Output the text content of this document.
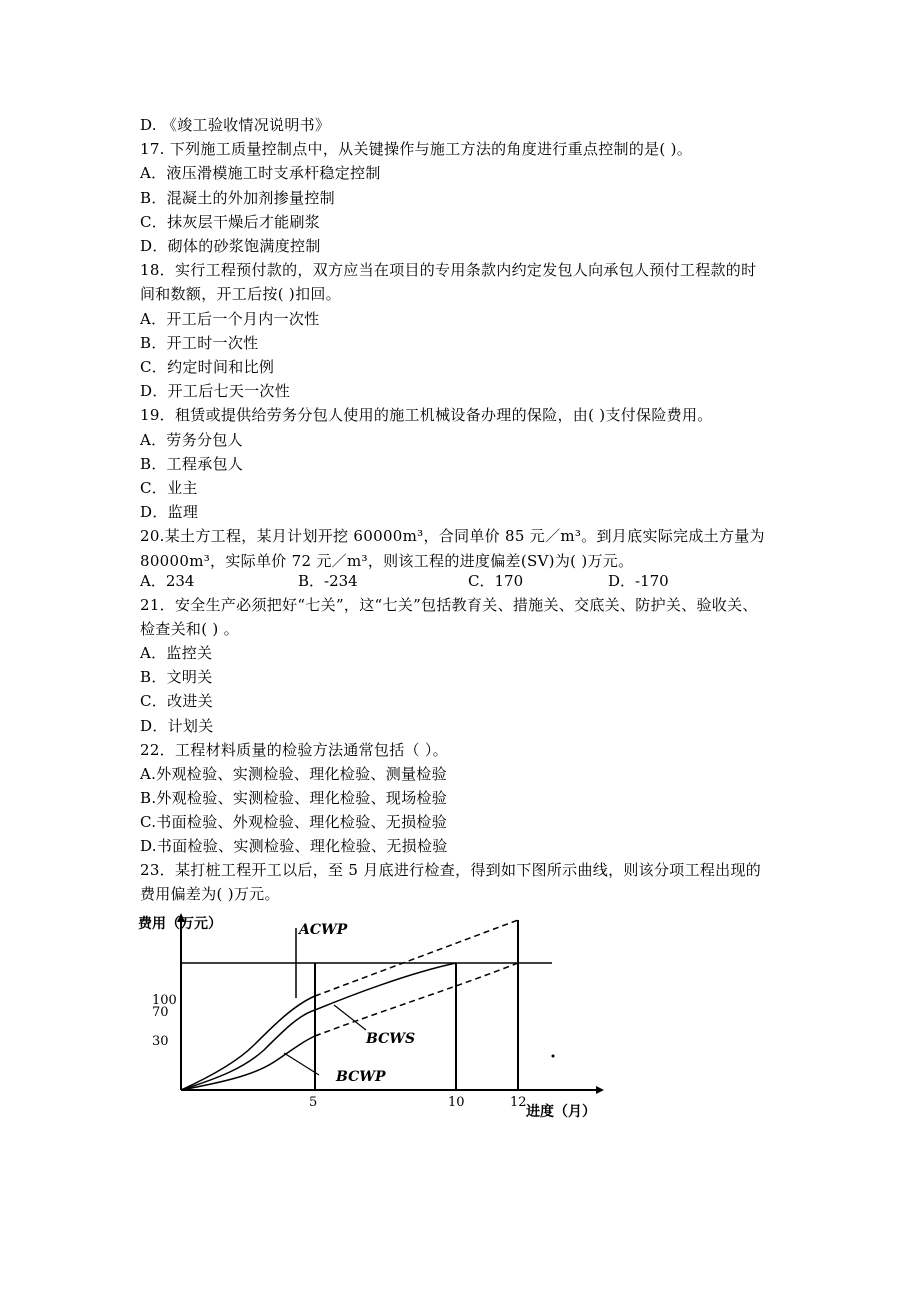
D. 《竣工验收情况说明书》
17. 下列施工质量控制点中，从关键操作与施工方法的角度进行重点控制的是( )。
A．液压滑模施工时支承杆稳定控制
B．混凝土的外加剂掺量控制
C．抹灰层干燥后才能刷浆
D．砌体的砂浆饱满度控制
18．实行工程预付款的，双方应当在项目的专用条款内约定发包人向承包人预付工程款的时
间和数额，开工后按( )扣回。
A．开工后一个月内一次性
B．开工时一次性
C．约定时间和比例
D．开工后七天一次性
19．租赁或提供给劳务分包人使用的施工机械设备办理的保险，由( )支付保险费用。
A．劳务分包人
B．工程承包人
C．业主
D．监理
20.某土方工程，某月计划开挖 60000m³，合同单价 85 元／m³。到月底实际完成土方量为
80000m³，实际单价 72 元／m³，则该工程的进度偏差(SV)为( )万元。
A．234	B．-234	C．170	D．-170
21．安全生产必须把好“七关”，这“七关”包括教育关、措施关、交底关、防护关、验收关、
检查关和( ) 。
A．监控关
B．文明关
C．改进关
D．计划关
22．工程材料质量的检验方法通常包括（ ）。
A.外观检验、实测检验、理化检验、测量检验
B.外观检验、实测检验、理化检验、现场检验
C.书面检验、外观检验、理化检验、无损检验
D.书面检验、实测检验、理化检验、无损检验
23．某打桩工程开工以后，至 5 月底进行检查，得到如下图所示曲线，则该分项工程出现的
费用偏差为( )万元。
费用（万元）
100
70
30
5	10	12
进度（月）
ACWP
BCWS
BCWP
